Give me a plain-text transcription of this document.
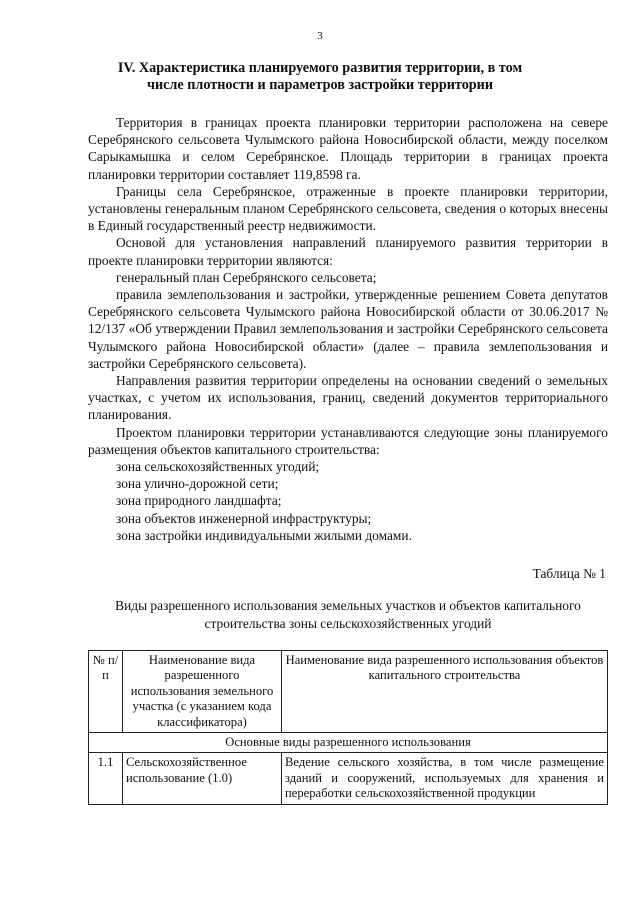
3
IV. Характеристика планируемого развития территории, в том числе плотности и параметров застройки территории

Территория в границах проекта планировки территории расположена на севере Серебрянского сельсовета Чулымского района Новосибирской области, между поселком Сарыкамышка и селом Серебрянское. Площадь территории в границах проекта планировки территории составляет 119,8598 га.

Границы села Серебрянское, отраженные в проекте планировки территории, установлены генеральным планом Серебрянского сельсовета, сведения о которых внесены в Единый государственный реестр недвижимости.

Основой для установления направлений планируемого развития территории в проекте планировки территории являются:

генеральный план Серебрянского сельсовета;

правила землепользования и застройки, утвержденные решением Совета депутатов Серебрянского сельсовета Чулымского района Новосибирской области от 30.06.2017 № 12/137 «Об утверждении Правил землепользования и застройки Серебрянского сельсовета Чулымского района Новосибирской области» (далее – правила землепользования и застройки Серебрянского сельсовета).

Направления развития территории определены на основании сведений о земельных участках, с учетом их использования, границ, сведений документов территориального планирования.

Проектом планировки территории устанавливаются следующие зоны планируемого размещения объектов капитального строительства:

зона сельскохозяйственных угодий;

зона улично-дорожной сети;

зона природного ландшафта;

зона объектов инженерной инфраструктуры;

зона застройки индивидуальными жилыми домами.

Таблица № 1
Виды разрешенного использования земельных участков и объектов капитального строительства зоны сельскохозяйственных угодий
№ п/п	Наименование вида разрешенного использования земельного участка (с указанием кода классификатора)	Наименование вида разрешенного использования объектов капитального строительства
Основные виды разрешенного использования		
1.1	Сельскохозяйственное использование (1.0)	Ведение сельского хозяйства, в том числе размещение зданий и сооружений, используемых для хранения и переработки сельскохозяйственной продукции
